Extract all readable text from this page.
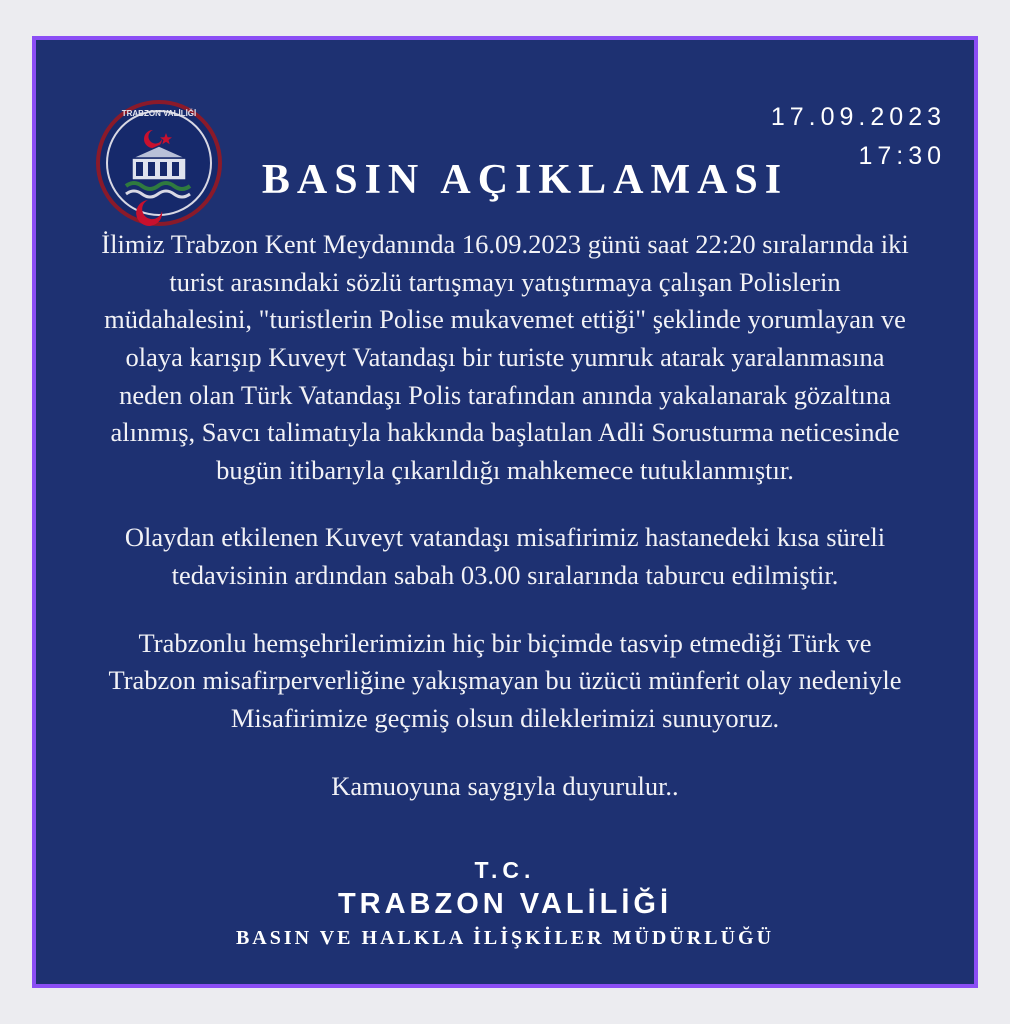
17.09.2023
17:30
TRABZON VALİLİĞİ
BASIN AÇIKLAMASI

İlimiz Trabzon Kent Meydanında 16.09.2023 günü saat 22:20 sıralarında iki turist arasındaki sözlü tartışmayı yatıştırmaya çalışan Polislerin müdahalesini, "turistlerin Polise mukavemet ettiği" şeklinde yorumlayan ve olaya karışıp Kuveyt Vatandaşı bir turiste yumruk atarak yaralanmasına neden olan Türk Vatandaşı Polis tarafından anında yakalanarak gözaltına alınmış, Savcı talimatıyla hakkında başlatılan Adli Sorusturma neticesinde bugün itibarıyla çıkarıldığı mahkemece tutuklanmıştır.

Olaydan etkilenen Kuveyt vatandaşı misafirimiz hastanedeki kısa süreli tedavisinin ardından sabah 03.00 sıralarında taburcu edilmiştir.

Trabzonlu hemşehrilerimizin hiç bir biçimde tasvip etmediği Türk ve Trabzon misafirperverliğine yakışmayan bu üzücü münferit olay nedeniyle Misafirimize geçmiş olsun dileklerimizi sunuyoruz.

Kamuoyuna saygıyla duyurulur..

T.C.
TRABZON VALİLİĞİ
BASIN VE HALKLA İLİŞKİLER MÜDÜRLÜĞÜ
